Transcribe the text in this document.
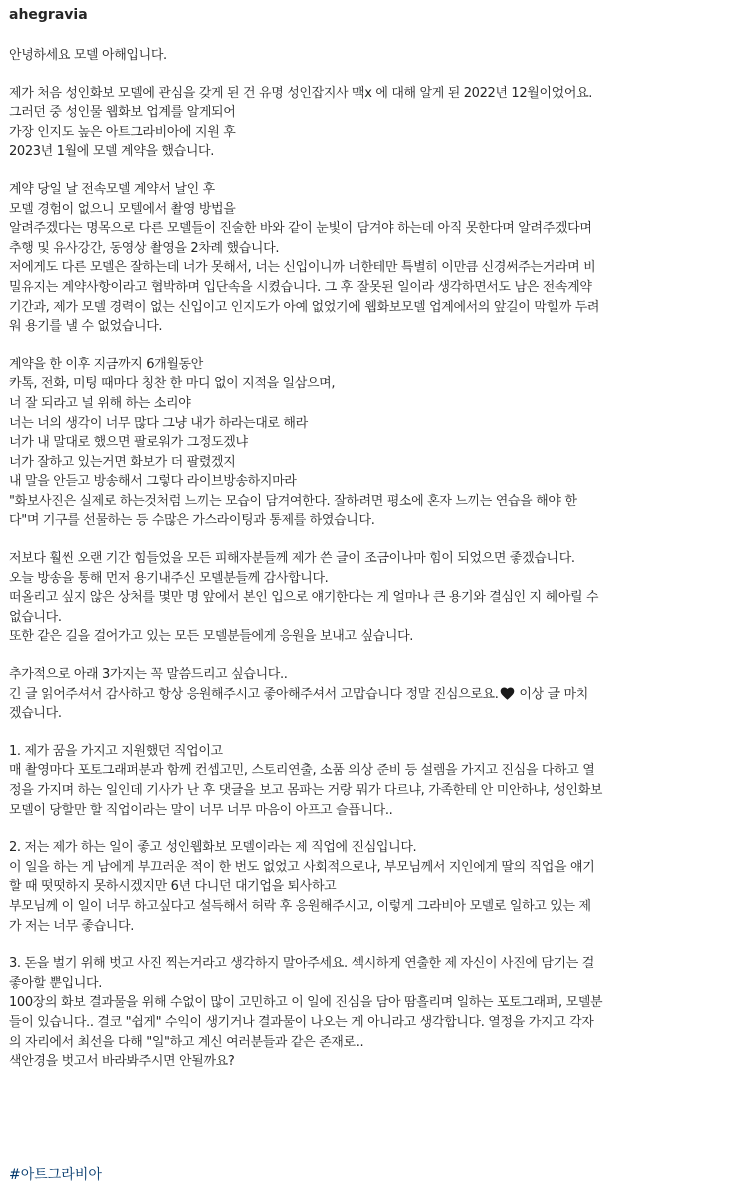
ahegravia

안녕하세요 모델 아해입니다.

제가 처음 성인화보 모델에 관심을 갖게 된 건 유명 성인잡지사 맥x 에 대해 알게 된 2022년 12월이었어요.

그러던 중 성인물 웹화보 업계를 알게되어

가장 인지도 높은 아트그라비아에 지원 후

2023년 1월에 모델 계약을 했습니다.

계약 당일 날 전속모델 계약서 날인 후

모델 경험이 없으니 모텔에서 촬영 방법을

알려주겠다는 명목으로 다른 모델들이 진술한 바와 같이 눈빛이 담겨야 하는데 아직 못한다며 알려주겠다며

추행 및 유사강간, 동영상 촬영을 2차례 했습니다.

저에게도 다른 모델은 잘하는데 너가 못해서, 너는 신입이니까 너한테만 특별히 이만큼 신경써주는거라며 비

밀유지는 계약사항이라고 협박하며 입단속을 시켰습니다. 그 후 잘못된 일이라 생각하면서도 남은 전속계약

기간과, 제가 모델 경력이 없는 신입이고 인지도가 아예 없었기에 웹화보모델 업계에서의 앞길이 막힐까 두려

워 용기를 낼 수 없었습니다.

계약을 한 이후 지금까지 6개월동안

카톡, 전화, 미팅 때마다 칭찬 한 마디 없이 지적을 일삼으며,

너 잘 되라고 널 위해 하는 소리야

너는 너의 생각이 너무 많다 그냥 내가 하라는대로 해라

너가 내 말대로 했으면 팔로워가 그정도겠냐

너가 잘하고 있는거면 화보가 더 팔렸겠지

내 말을 안듣고 방송해서 그렇다 라이브방송하지마라

"화보사진은 실제로 하는것처럼 느끼는 모습이 담겨여한다. 잘하려면 평소에 혼자 느끼는 연습을 해야 한

다"며 기구를 선물하는 등 수많은 가스라이팅과 통제를 하였습니다.

저보다 훨씬 오랜 기간 힘들었을 모든 피해자분들께 제가 쓴 글이 조금이나마 힘이 되었으면 좋겠습니다.

오늘 방송을 통해 먼저 용기내주신 모델분들께 감사합니다.

떠올리고 싶지 않은 상처를 몇만 명 앞에서 본인 입으로 얘기한다는 게 얼마나 큰 용기와 결심인 지 헤아릴 수

없습니다.

또한 같은 길을 걸어가고 있는 모든 모델분들에게 응원을 보내고 싶습니다.

추가적으로 아래 3가지는 꼭 말씀드리고 싶습니다..

긴 글 읽어주셔서 감사하고 항상 응원해주시고 좋아해주셔서 고맙습니다 정말 진심으로요. 이상 글 마치

겠습니다.

1. 제가 꿈을 가지고 지원했던 직업이고

매 촬영마다 포토그래퍼분과 함께 컨셉고민, 스토리연출, 소품 의상 준비 등 설렘을 가지고 진심을 다하고 열

정을 가지며 하는 일인데 기사가 난 후 댓글을 보고 몸파는 거랑 뭐가 다르냐, 가족한테 안 미안하냐, 성인화보

모델이 당할만 할 직업이라는 말이 너무 너무 마음이 아프고 슬픕니다..

2. 저는 제가 하는 일이 좋고 성인웹화보 모델이라는 제 직업에 진심입니다.

이 일을 하는 게 남에게 부끄러운 적이 한 번도 없었고 사회적으로나, 부모님께서 지인에게 딸의 직업을 얘기

할 때 떳떳하지 못하시겠지만 6년 다니던 대기업을 퇴사하고

부모님께 이 일이 너무 하고싶다고 설득해서 허락 후 응원해주시고, 이렇게 그라비아 모델로 일하고 있는 제

가 저는 너무 좋습니다.

3. 돈을 벌기 위해 벗고 사진 찍는거라고 생각하지 말아주세요. 섹시하게 연출한 제 자신이 사진에 담기는 걸

좋아할 뿐입니다.

100장의 화보 결과물을 위해 수없이 많이 고민하고 이 일에 진심을 담아 땀흘리며 일하는 포토그래퍼, 모델분

들이 있습니다.. 결코 "쉽게" 수익이 생기거나 결과물이 나오는 게 아니라고 생각합니다. 열정을 가지고 각자

의 자리에서 최선을 다해 "일"하고 계신 여러분들과 같은 존재로..

색안경을 벗고서 바라봐주시면 안될까요?

#아트그라비아
